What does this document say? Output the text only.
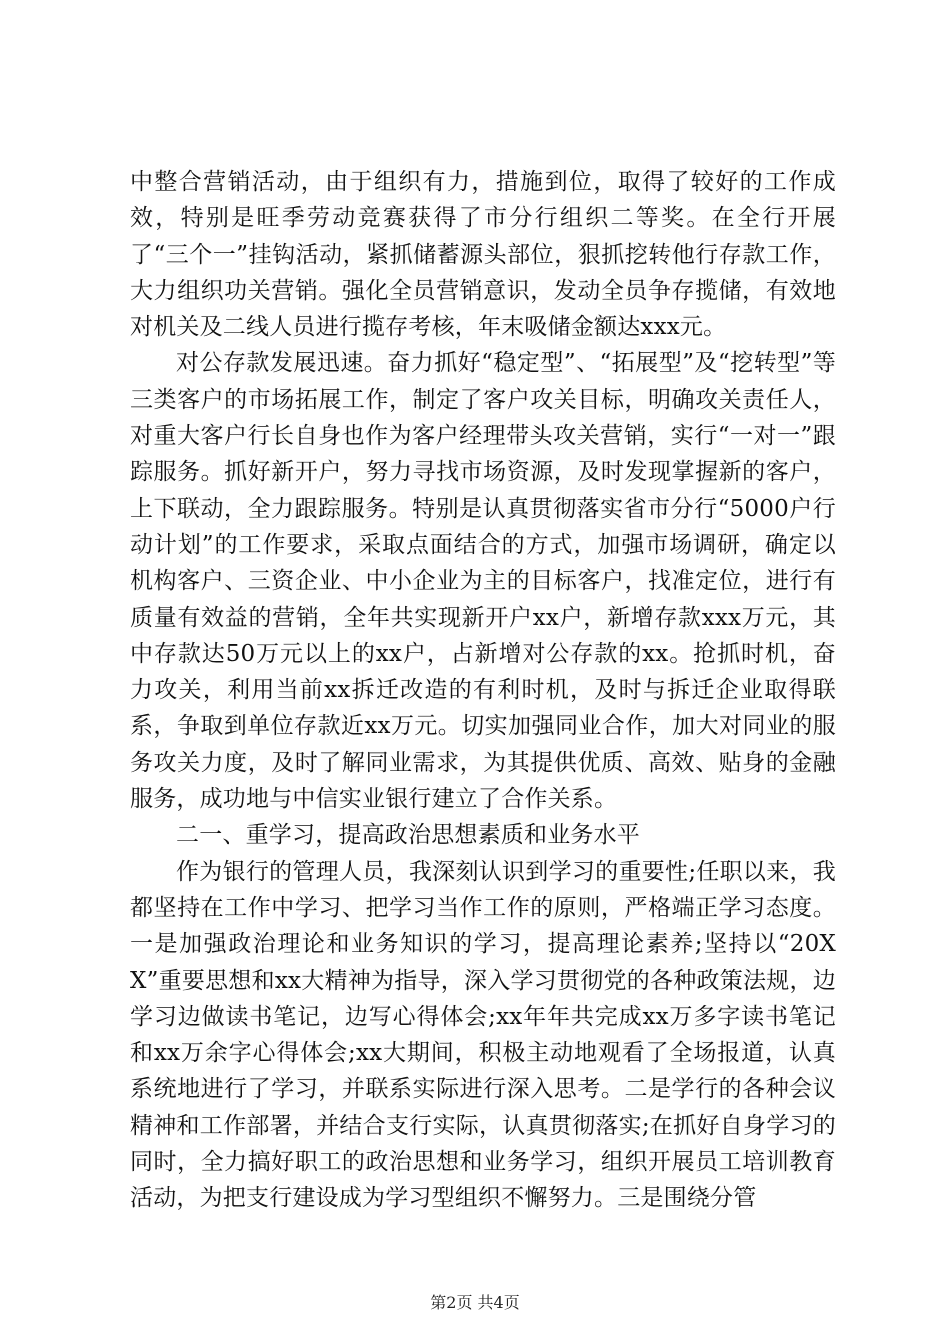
中整合营销活动，由于组织有力，措施到位，取得了较好的工作成效，特别是旺季劳动竞赛获得了市分行组织二等奖。在全行开展了“三个一”挂钩活动，紧抓储蓄源头部位，狠抓挖转他行存款工作，大力组织功关营销。强化全员营销意识，发动全员争存揽储，有效地对机关及二线人员进行揽存考核，年末吸储金额达xxx元。

对公存款发展迅速。奋力抓好“稳定型”、“拓展型”及“挖转型”等三类客户的市场拓展工作，制定了客户攻关目标，明确攻关责任人，对重大客户行长自身也作为客户经理带头攻关营销，实行“一对一”跟踪服务。抓好新开户，努力寻找市场资源，及时发现掌握新的客户，上下联动，全力跟踪服务。特别是认真贯彻落实省市分行“5000户行动计划”的工作要求，采取点面结合的方式，加强市场调研，确定以机构客户、三资企业、中小企业为主的目标客户，找准定位，进行有质量有效益的营销，全年共实现新开户xx户，新增存款xxx万元，其中存款达50万元以上的xx户，占新增对公存款的xx。抢抓时机，奋力攻关，利用当前xx拆迁改造的有利时机，及时与拆迁企业取得联系，争取到单位存款近xx万元。切实加强同业合作，加大对同业的服务攻关力度，及时了解同业需求，为其提供优质、高效、贴身的金融服务，成功地与中信实业银行建立了合作关系。

二一、重学习，提高政治思想素质和业务水平

作为银行的管理人员，我深刻认识到学习的重要性;任职以来，我都坚持在工作中学习、把学习当作工作的原则，严格端正学习态度。一是加强政治理论和业务知识的学习，提高理论素养;坚持以“20XX”重要思想和xx大精神为指导，深入学习贯彻党的各种政策法规，边学习边做读书笔记，边写心得体会;xx年年共完成xx万多字读书笔记和xx万余字心得体会;xx大期间，积极主动地观看了全场报道，认真系统地进行了学习，并联系实际进行深入思考。二是学行的各种会议精神和工作部署，并结合支行实际，认真贯彻落实;在抓好自身学习的同时，全力搞好职工的政治思想和业务学习，组织开展员工培训教育活动，为把支行建设成为学习型组织不懈努力。三是围绕分管

第2页 共4页
